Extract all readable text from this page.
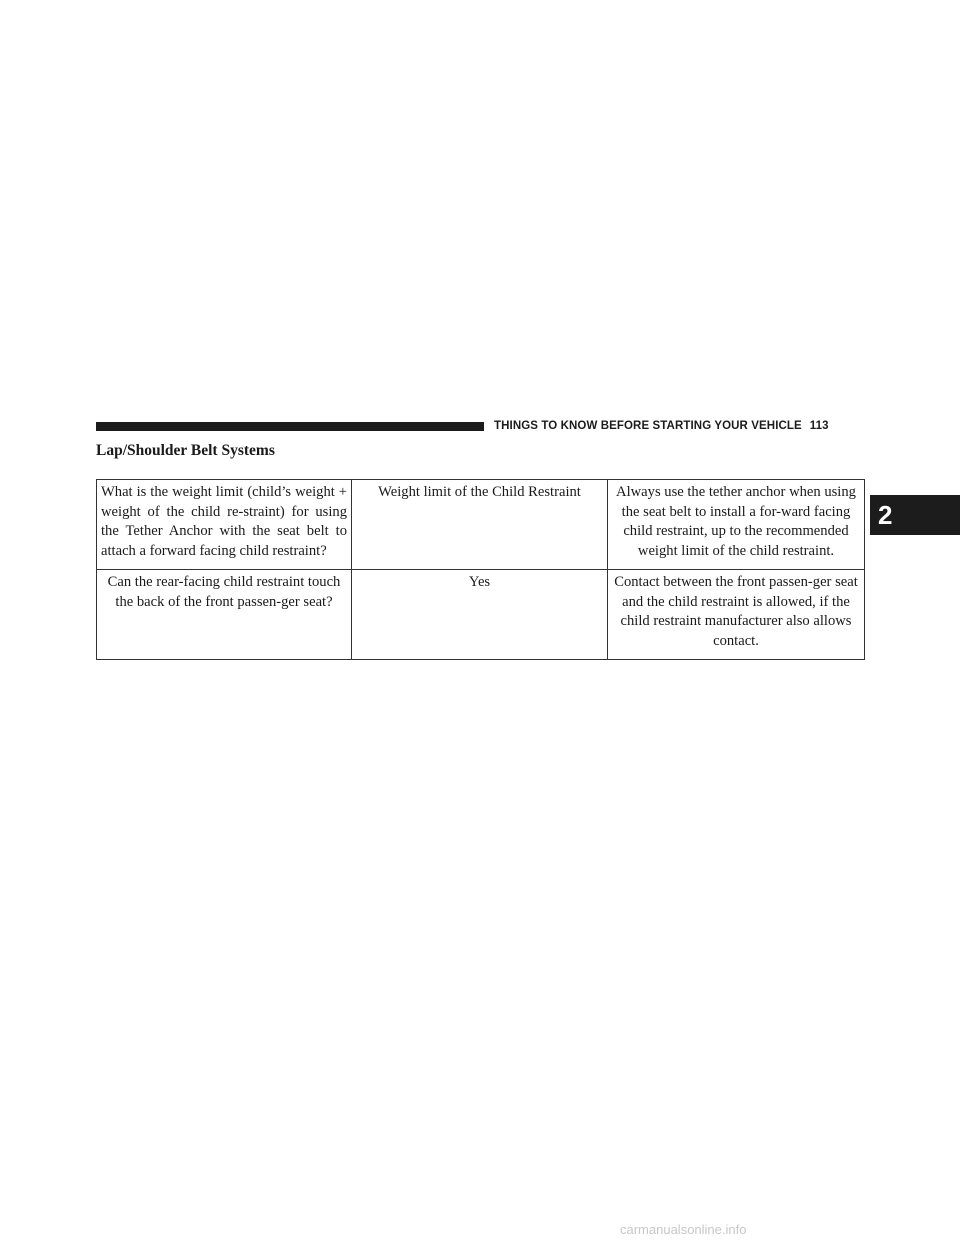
THINGS TO KNOW BEFORE STARTING YOUR VEHICLE 113
2
Lap/Shoulder Belt Systems
What is the weight limit (child’s weight + weight of the child re-straint) for using the Tether Anchor with the seat belt to attach a forward facing child restraint?	Weight limit of the Child Restraint	Always use the tether anchor when using the seat belt to install a for-ward facing child restraint, up to the recommended weight limit of the child restraint.
Can the rear-facing child restraint touch the back of the front passen-ger seat?	Yes	Contact between the front passen-ger seat and the child restraint is allowed, if the child restraint manufacturer also allows contact.
carmanualsonline.info
